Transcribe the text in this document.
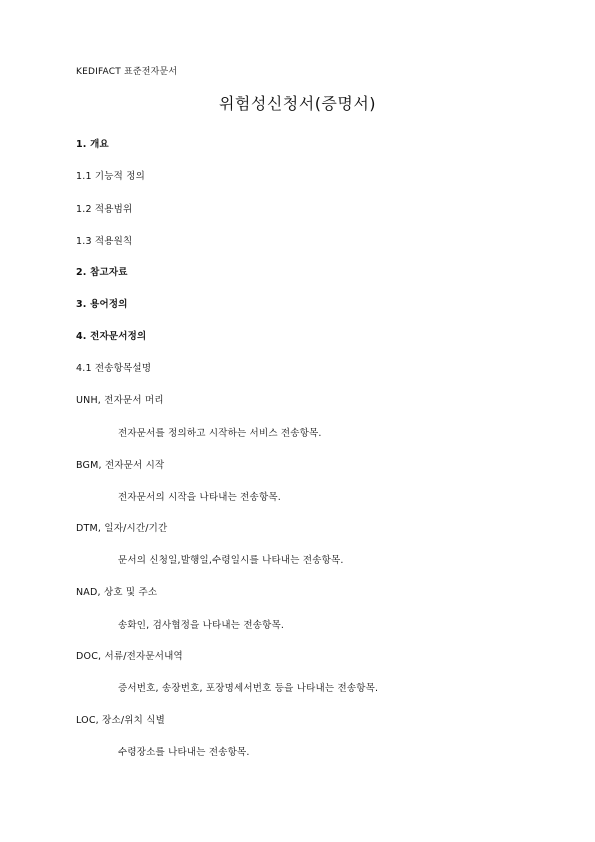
KEDIFACT 표준전자문서
위험성신청서(증명서)
1. 개요
1.1 기능적 정의
1.2 적용범위
1.3 적용원칙
2. 참고자료
3. 용어정의
4. 전자문서정의
4.1 전송항목설명
UNH, 전자문서 머리
전자문서를 정의하고 시작하는 서비스 전송항목.
BGM, 전자문서 시작
전자문서의 시작을 나타내는 전송항목.
DTM, 일자/시간/기간
문서의 신청일,발행일,수령일시를 나타내는 전송항목.
NAD, 상호 및 주소
송화인, 검사협정을 나타내는 전송항목.
DOC, 서류/전자문서내역
증서번호, 송장번호, 포장명세서번호 등을 나타내는 전송항목.
LOC, 장소/위치 식별
수령장소를 나타내는 전송항목.
